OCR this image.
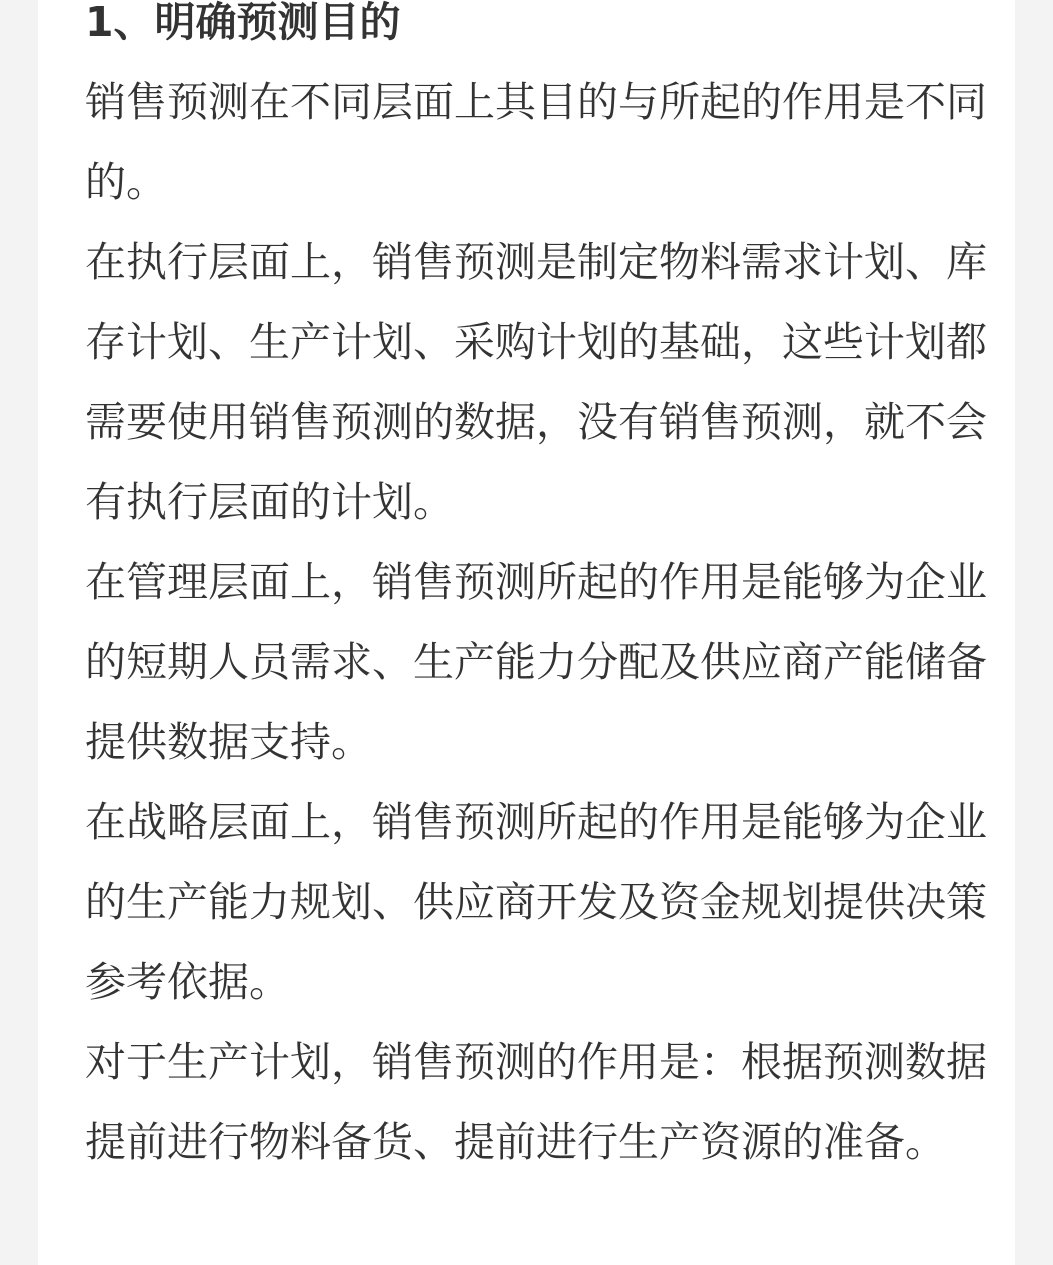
1、明确预测目的

销售预测在不同层面上其目的与所起的作用是不同的。

在执行层面上，销售预测是制定物料需求计划、库存计划、生产计划、采购计划的基础，这些计划都需要使用销售预测的数据，没有销售预测，就不会有执行层面的计划。

在管理层面上，销售预测所起的作用是能够为企业的短期人员需求、生产能力分配及供应商产能储备提供数据支持。

在战略层面上，销售预测所起的作用是能够为企业的生产能力规划、供应商开发及资金规划提供决策参考依据。

对于生产计划，销售预测的作用是：根据预测数据提前进行物料备货、提前进行生产资源的准备。
